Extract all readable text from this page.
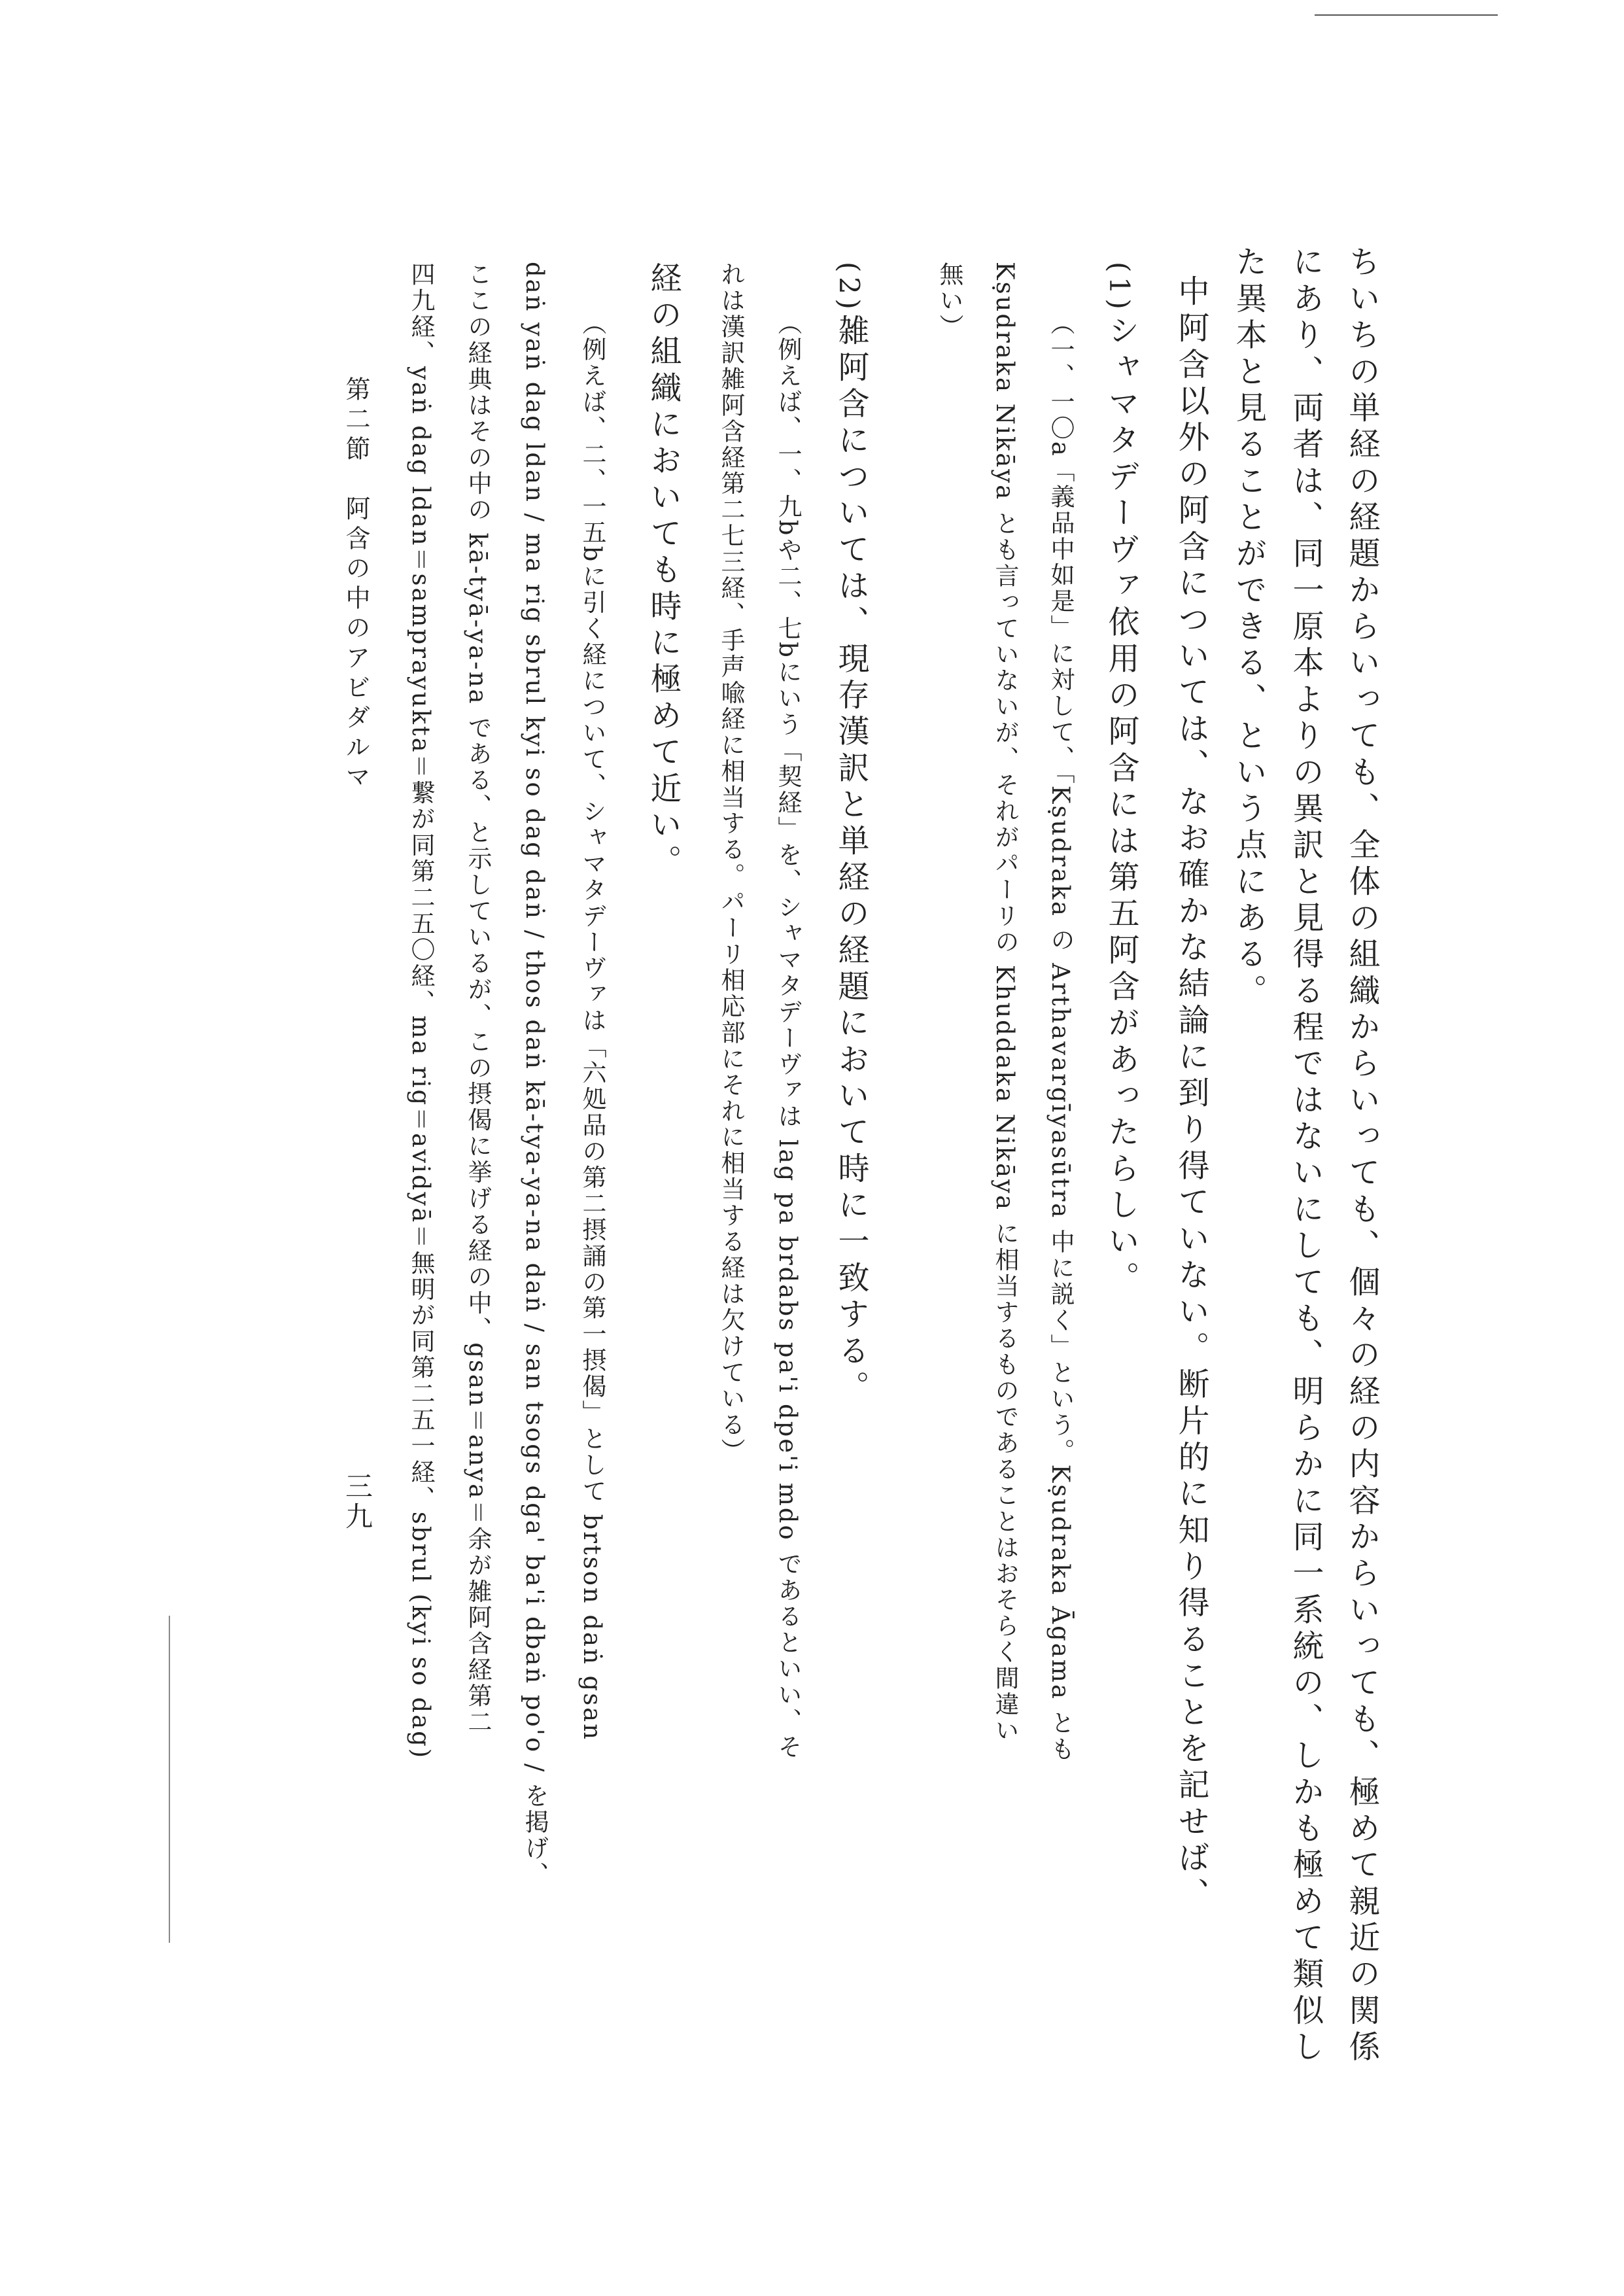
ちいちの単経の経題からいっても、全体の組織からいっても、個々の経の内容からいっても、極めて親近の関係
にあり、両者は、同一原本よりの異訳と見得る程ではないにしても、明らかに同一系統の、しかも極めて類似し
た異本と見ることができる、という点にある。
中阿含以外の阿含については、なお確かな結論に到り得ていない。断片的に知り得ることを記せば、
(1)
シャマタデーヴァ依用の阿含には第五阿含があったらしい。
（一、一〇a「義品中如是」に対して、「Kṣudraka の Arthavargīyasūtra 中に説く」という。Kṣudraka Āgama とも
Kṣudraka Nikāya とも言っていないが、それがパーリの Khuddaka Nikāya に相当するものであることはおそらく間違い
無い）
(2)
雑阿含については、現存漢訳と単経の経題において時に一致する。
（例えば、一、九bや二、七bにいう「契経」を、シャマタデーヴァは lag pa brdabs pa'i dpe'i mdo であるといい、そ
れは漢訳雑阿含経第二七三経、手声喩経に相当する。パーリ相応部にそれに相当する経は欠けている）
経の組織においても時に極めて近い。
（例えば、二、一五bに引く経について、シャマタデーヴァは「六処品の第二摂誦の第一摂偈」として brtson daṅ gsan
daṅ yaṅ dag ldan / ma rig sbrul kyi so dag daṅ / thos daṅ kā-tya-ya-na daṅ / san tsogs dga' ba'i dbaṅ po'o / を掲げ、
ここの経典はその中の kā-tyā-ya-na である、と示しているが、この摂偈に挙げる経の中、gsan＝anya＝余が雑阿含経第二
四九経、yaṅ dag ldan＝samprayukta＝繋が同第二五〇経、ma rig＝avidyā＝無明が同第二五一経、sbrul (kyi so dag)
第二節　阿含の中のアビダルマ
三九
